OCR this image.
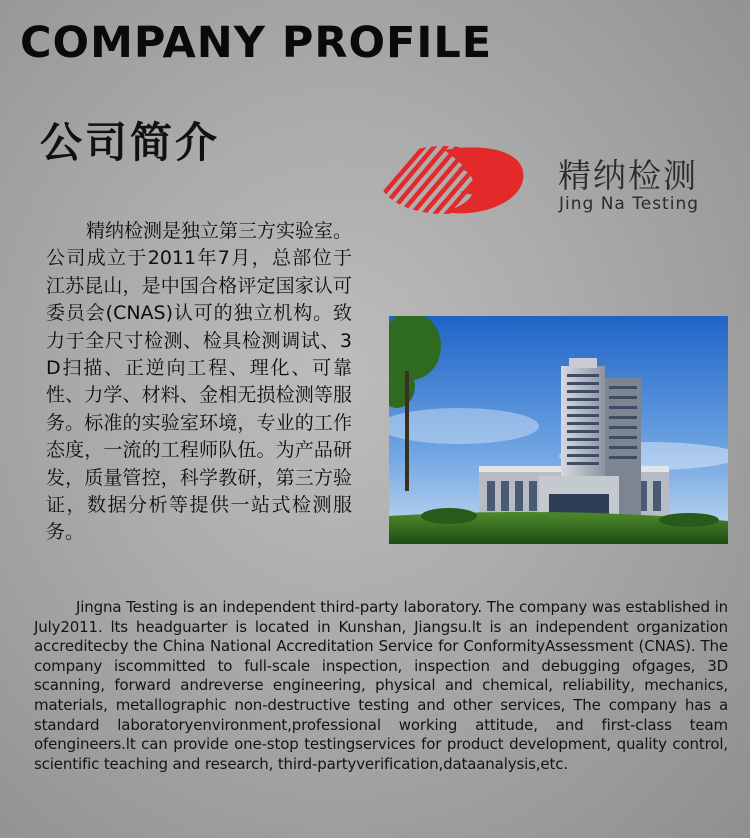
COMPANY PROFILE
公司简介
精纳检测
Jing Na Testing

精纳检测是独立第三方实验室。公司成立于2011年7月，总部位于江苏昆山，是中国合格评定国家认可委员会(CNAS)认可的独立机构。致力于全尺寸检测、检具检测调试、3D扫描、正逆向工程、理化、可靠性、力学、材料、金相无损检测等服务。标准的实验室环境，专业的工作态度，一流的工程师队伍。为产品研发，质量管控，科学教研，第三方验证，数据分析等提供一站式检测服务。

Jingna Testing is an independent third-party laboratory. The company was established in July2011. lts headguarter is located in Kunshan, Jiangsu.lt is an independent organization accreditecby the China National Accreditation Service for ConformityAssessment (CNAS). The company iscommitted to full-scale inspection, inspection and debugging ofgages, 3D scanning, forward andreverse engineering, physical and chemical, reliability, mechanics, materials, metallographic non-destructive testing and other services, The company has a standard laboratoryenvironment,professional working attitude, and first-class team ofengineers.lt can provide one-stop testingservices for product development, quality control, scientific teaching and research, third-partyverification,dataanalysis,etc.
